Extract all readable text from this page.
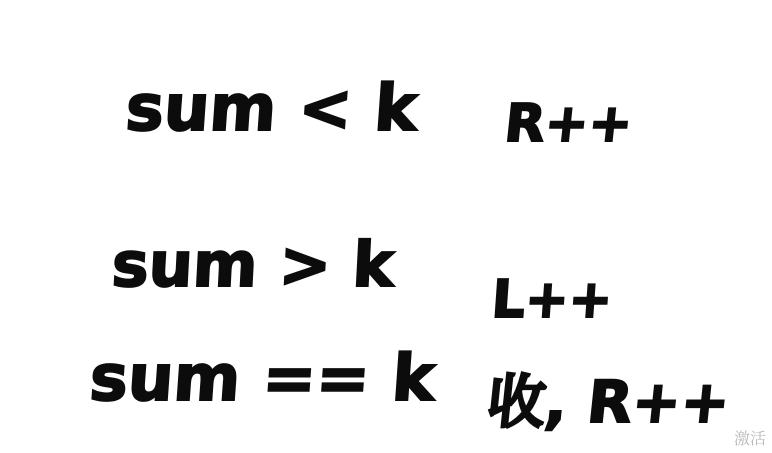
sum < k R++
sum > k L++
sum == k 收, R++
激活
